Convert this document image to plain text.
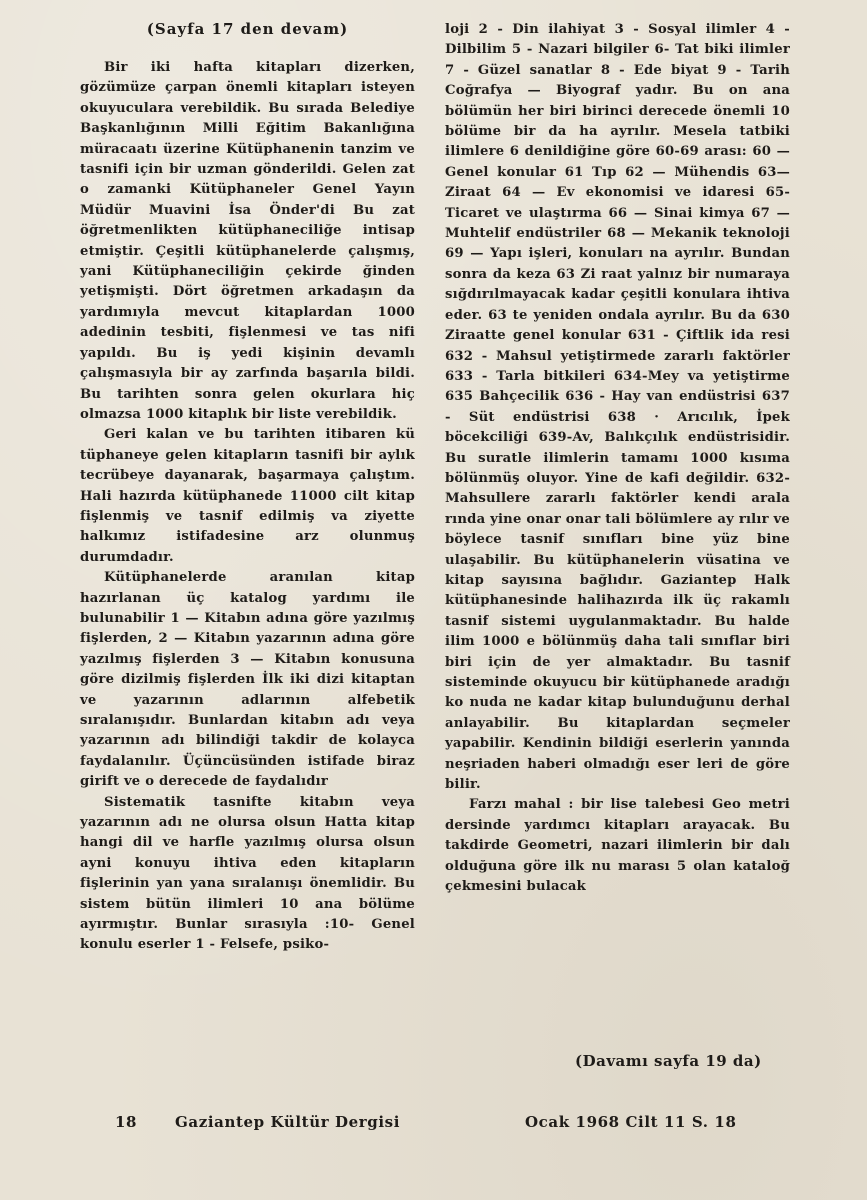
(Sayfa 17 den devam)

Bir iki hafta kitapları dizerken, gözümüze çarpan önemli kitapları isteyen okuyuculara verebildik. Bu sırada Belediye Başkanlığının Milli Eğitim Bakanlığına müracaatı üzerine Kütüphanenin tanzim ve tasnifi için bir uzman gönderildi. Gelen zat o zamanki Kütüphaneler Genel Yayın Müdür Muavini İsa Önder'di Bu zat öğretmenlikten kütüphaneciliğe intisap etmiştir. Çeşitli kütüphanelerde çalışmış, yani Kütüphaneciliğin çekirde ğinden yetişmişti. Dört öğretmen arkadaşın da yardımıyla mevcut kitaplardan 1000 adedinin tesbiti, fişlenmesi ve tas nifi yapıldı. Bu iş yedi kişinin devamlı çalışmasıyla bir ay zarfında başarıla bildi. Bu tarihten sonra gelen okurlara hiç olmazsa 1000 kitaplık bir liste verebildik.

Geri kalan ve bu tarihten itibaren kü tüphaneye gelen kitapların tasnifi bir aylık tecrübeye dayanarak, başarmaya çalıştım. Hali hazırda kütüphanede 11000 cilt kitap fişlenmiş ve tasnif edilmiş va ziyette halkımız istifadesine arz olunmuş durumdadır.

Kütüphanelerde aranılan kitap hazırlanan üç katalog yardımı ile bulunabilir 1 — Kitabın adına göre yazılmış fişlerden, 2 — Kitabın yazarının adına göre yazılmış fişlerden 3 — Kitabın konusuna göre dizilmiş fişlerden İlk iki dizi kitaptan ve yazarının adlarının alfebetik sıralanışıdır. Bunlardan kitabın adı veya yazarının adı bilindiği takdir de kolayca faydalanılır. Üçüncüsünden istifade biraz girift ve o derecede de faydalıdır

Sistematik tasnifte kitabın veya yazarının adı ne olursa olsun Hatta kitap hangi dil ve harfle yazılmış olursa olsun ayni konuyu ihtiva eden kitapların fişlerinin yan yana sıralanışı önemlidir. Bu sistem bütün ilimleri 10 ana bölüme ayırmıştır. Bunlar sırasıyla :10- Genel konulu eserler 1 - Felsefe, psiko-

loji 2 - Din ilahiyat 3 - Sosyal ilimler 4 - Dilbilim 5 - Nazari bilgiler 6- Tat biki ilimler 7 - Güzel sanatlar 8 - Ede biyat 9 - Tarih Coğrafya — Biyograf yadır. Bu on ana bölümün her biri birinci derecede önemli 10 bölüme bir da ha ayrılır. Mesela tatbiki ilimlere 6 denildiğine göre 60-69 arası: 60 — Genel konular 61 Tıp 62 — Mühendis 63—Ziraat 64 — Ev ekonomisi ve idaresi 65- Ticaret ve ulaştırma 66 — Sinai kimya 67 — Muhtelif endüstriler 68 — Mekanik teknoloji 69 — Yapı işleri, konuları na ayrılır. Bundan sonra da keza 63 Zi raat yalnız bir numaraya sığdırılmayacak kadar çeşitli konulara ihtiva eder. 63 te yeniden ondala ayrılır. Bu da 630 Ziraatte genel konular 631 - Çiftlik ida resi 632 - Mahsul yetiştirmede zararlı faktörler 633 - Tarla bitkileri 634-Mey va yetiştirme 635 Bahçecilik 636 - Hay van endüstrisi 637 - Süt endüstrisi 638 · Arıcılık, İpek böcekciliği 639-Av, Balıkçılık endüstrisidir. Bu suratle ilimlerin tamamı 1000 kısıma bölünmüş oluyor. Yine de kafi değildir. 632- Mahsullere zararlı faktörler kendi arala rında yine onar onar tali bölümlere ay rılır ve böylece tasnif sınıfları bine yüz bine ulaşabilir. Bu kütüphanelerin vüsatina ve kitap sayısına bağlıdır. Gaziantep Halk kütüphanesinde halihazırda ilk üç rakamlı tasnif sistemi uygulanmaktadır. Bu halde ilim 1000 e bölünmüş daha tali sınıflar biri biri için de yer almaktadır. Bu tasnif sisteminde okuyucu bir kütüphanede aradığı ko nuda ne kadar kitap bulunduğunu derhal anlayabilir. Bu kitaplardan seçmeler yapabilir. Kendinin bildiği eserlerin yanında neşriaden haberi olmadığı eser leri de göre bilir.

Farzı mahal : bir lise talebesi Geo metri dersinde yardımcı kitapları arayacak. Bu takdirde Geometri, nazari ilimlerin bir dalı olduğuna göre ilk nu marası 5 olan kataloğ çekmesini bulacak

(Davamı sayfa 19 da)
18	Gaziantep Kültür Dergisi	Ocak 1968 Cilt 11 S. 18
